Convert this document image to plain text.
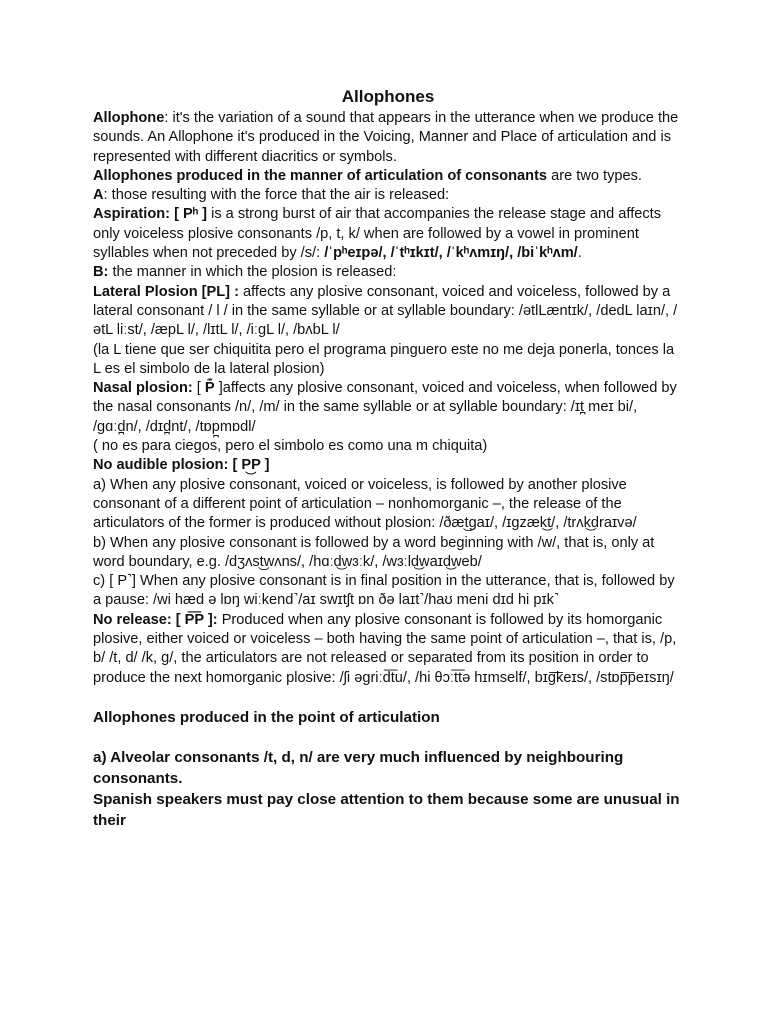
Allophones

Allophone: it's the variation of a sound that appears in the utterance when we produce the sounds. An Allophone it's produced in the Voicing, Manner and Place of articulation and is represented with different diacritics or symbols.

Allophones produced in the manner of articulation of consonants are two types.

A: those resulting with the force that the air is released:

Aspiration: [ Pʰ ] is a strong burst of air that accompanies the release stage and affects only voiceless plosive consonants /p, t, k/ when are followed by a vowel in prominent syllables when not preceded by /s/: /ˈpʰeɪpə/, /ˈtʰɪkɪt/, /ˈkʰʌmɪŋ/, /biˈkʰʌm/.

B: the manner in which the plosion is released:

Lateral Plosion [PL] : affects any plosive consonant, voiced and voiceless, followed by a lateral consonant / l / in the same syllable or at syllable boundary: /ətlLæntɪk/, /dedL laɪn/, /ətL liːst/, /æpL l/, /lɪtL l/, /iːgL l/, /bʌbL l/

(la L tiene que ser chiquitita pero el programa pinguero este no me deja ponerla, tonces la L es el simbolo de la lateral plosion)

Nasal plosion: [ P͊ ]affects any plosive consonant, voiced and voiceless, when followed by the nasal consonants /n/, /m/ in the same syllable or at syllable boundary: /ɪt̪ meɪ bi/, /gɑːd̪n/, /dɪd̪nt/, /tɒp̪mɒdl/

( no es para ciegos, pero el simbolo es como una m chiquita)

No audible plosion: [ P͜P ]

a) When any plosive consonant, voiced or voiceless, is followed by another plosive consonant of a different point of articulation – nonhomorganic –, the release of the articulators of the former is produced without plosion: /ðæt͜gaɪ/, /ɪgzæk͜t/, /trʌk͜draɪvə/

b) When any plosive consonant is followed by a word beginning with /w/, that is, only at word boundary, e.g. /dʒʌst͜wʌns/, /hɑːd͜wɜːk/, /wɜːld͜waɪd͜web/

c) [ P˺] When any plosive consonant is in final position in the utterance, that is, followed by a pause: /wi hæd ə lɒŋ wiːkend˺/aɪ swɪtʃt ɒn ðə laɪt˺/haʊ meni dɪd hi pɪk˺

No release: [ P͞P ]: Produced when any plosive consonant is followed by its homorganic plosive, either voiced or voiceless – both having the same point of articulation –, that is, /p, b/ /t, d/ /k, g/, the articulators are not released or separated from its position in order to produce the next homorganic plosive: /ʃi əgriːd͞tu/, /hi θɔːt͞tə hɪmself/, bɪg͞keɪs/, /stɒp͞peɪsɪŋ/

Allophones produced in the point of articulation

a) Alveolar consonants /t, d, n/ are very much influenced by neighbouring consonants.

Spanish speakers must pay close attention to them because some are unusual in their
